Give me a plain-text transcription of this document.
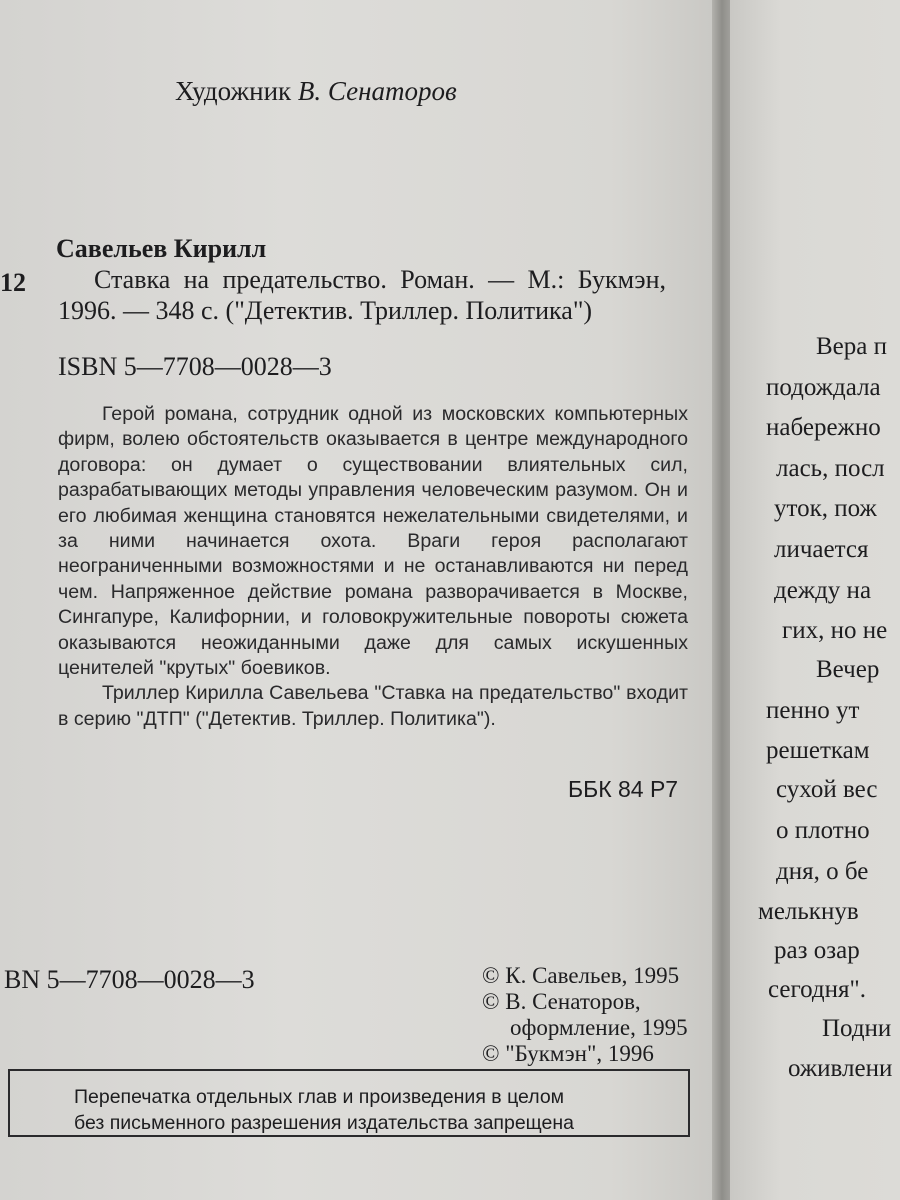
Художник В. Сенаторов
Савельев Кирилл
12	Ставка на предательство. Роман. — М.: Букмэн,
1996. — 348 с. ("Детектив. Триллер. Политика")
ISBN 5—7708—0028—3

Герой романа, сотрудник одной из московских компьютерных фирм, волею обстоятельств оказывается в центре международного договора: он думает о существовании влиятельных сил, разрабатывающих методы управления человеческим разумом. Он и его любимая женщина становятся нежелательными свидетелями, и за ними начинается охота. Враги героя располагают неограниченными возможностями и не останавливаются ни перед чем. Напряженное действие романа разворачивается в Москве, Сингапуре, Калифорнии, и головокружительные повороты сюжета оказываются неожиданными даже для самых искушенных ценителей "крутых" боевиков.

Триллер Кирилла Савельева "Ставка на предательство" входит в серию "ДТП" ("Детектив. Триллер. Политика").

ББК 84 Р7
BN 5—7708—0028—3	© К. Савельев, 1995
© В. Сенаторов,
оформление, 1995
© "Букмэн", 1996
Перепечатка отдельных глав и произведения в целом
без письменного разрешения издательства запрещена
Вера п
подождала
набережно
лась, посл
уток, пож
личается
дежду на
гих, но не
Вечер
пенно ут
решеткам
сухой вес
о плотно
дня, о бе
мелькнув
раз озар
сегодня".
Подни
оживлени
